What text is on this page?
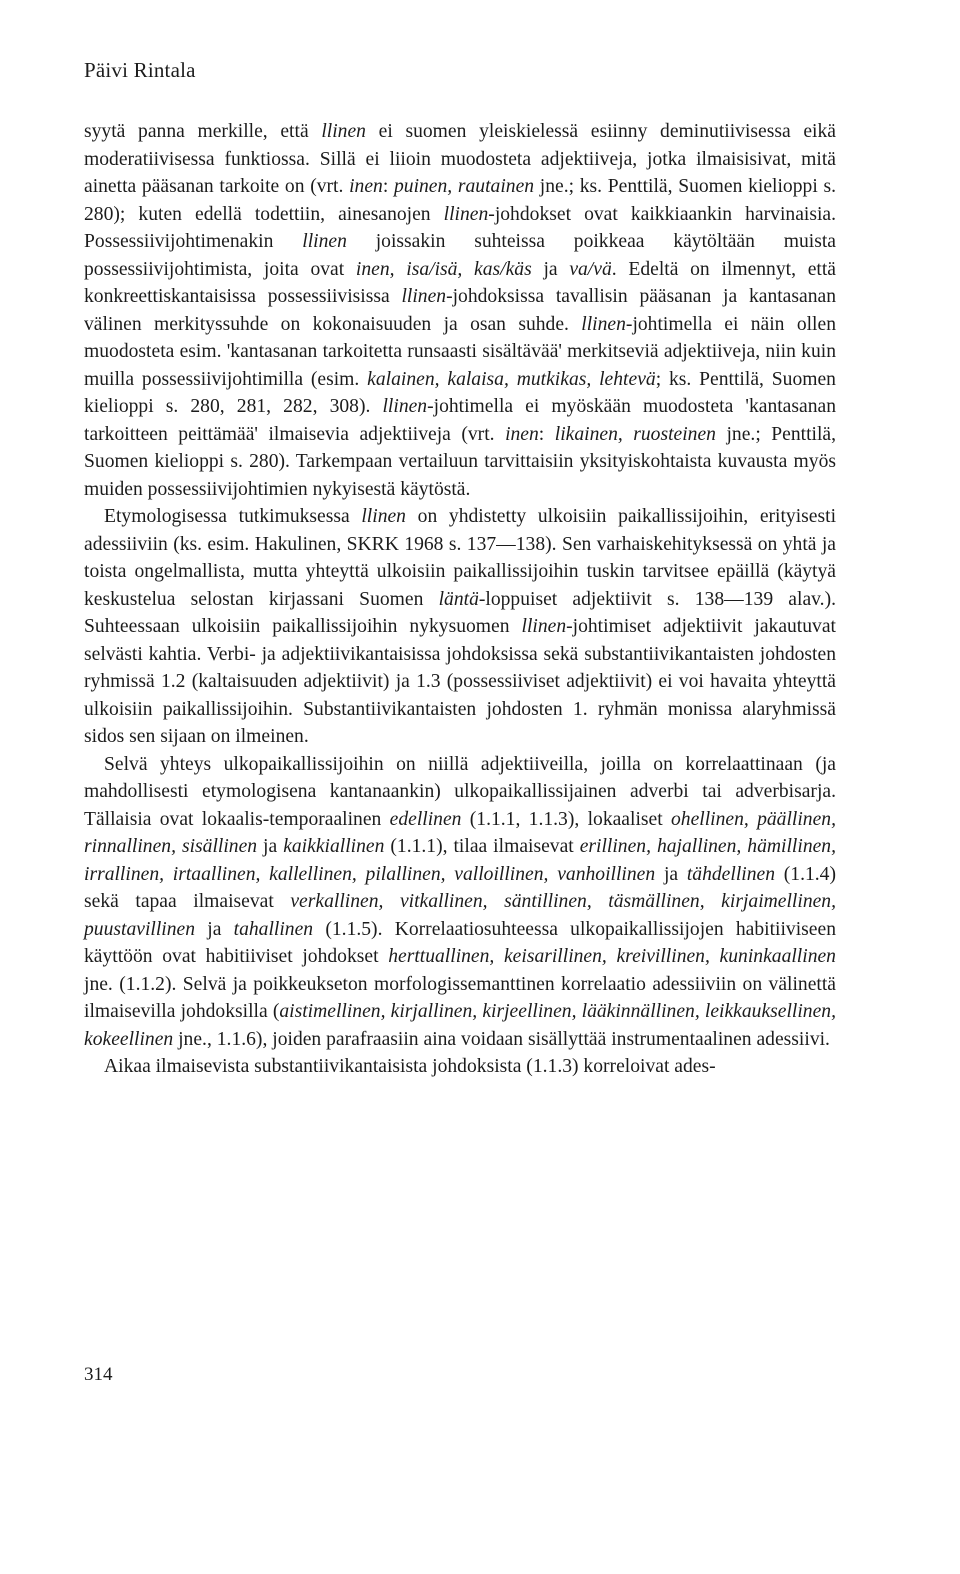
Päivi Rintala

syytä panna merkille, että llinen ei suomen yleiskielessä esiinny deminutiivisessa eikä moderatiivisessa funktiossa. Sillä ei liioin muodosteta adjektiiveja, jotka ilmaisisivat, mitä ainetta pääsanan tarkoite on (vrt. inen: puinen, rautainen jne.; ks. Penttilä, Suomen kielioppi s. 280); kuten edellä todettiin, ainesanojen llinen-johdokset ovat kaikkiaankin harvinaisia. Possessiivijohtimenakin llinen joissakin suhteissa poikkeaa käytöltään muista possessiivijohtimista, joita ovat inen, isa/isä, kas/käs ja va/vä. Edeltä on ilmennyt, että konkreettiskantaisissa possessiivisissa llinen-johdoksissa tavallisin pääsanan ja kantasanan välinen merkityssuhde on kokonaisuuden ja osan suhde. llinen-johtimella ei näin ollen muodosteta esim. 'kantasanan tarkoitetta runsaasti sisältävää' merkitseviä adjektiiveja, niin kuin muilla possessiivijohtimilla (esim. kalainen, kalaisa, mutkikas, lehtevä; ks. Penttilä, Suomen kielioppi s. 280, 281, 282, 308). llinen-johtimella ei myöskään muodosteta 'kantasanan tarkoitteen peittämää' ilmaisevia adjektiiveja (vrt. inen: likainen, ruosteinen jne.; Penttilä, Suomen kielioppi s. 280). Tarkempaan vertailuun tarvittaisiin yksityiskohtaista kuvausta myös muiden possessiivijohtimien nykyisestä käytöstä.

Etymologisessa tutkimuksessa llinen on yhdistetty ulkoisiin paikallissijoihin, erityisesti adessiiviin (ks. esim. Hakulinen, SKRK 1968 s. 137—138). Sen varhaiskehityksessä on yhtä ja toista ongelmallista, mutta yhteyttä ulkoisiin paikallissijoihin tuskin tarvitsee epäillä (käytyä keskustelua selostan kirjassani Suomen läntä-loppuiset adjektiivit s. 138—139 alav.). Suhteessaan ulkoisiin paikallissijoihin nykysuomen llinen-johtimiset adjektiivit jakautuvat selvästi kahtia. Verbi- ja adjektiivikantaisissa johdoksissa sekä substantiivikantaisten johdosten ryhmissä 1.2 (kaltaisuuden adjektiivit) ja 1.3 (possessiiviset adjektiivit) ei voi havaita yhteyttä ulkoisiin paikallissijoihin. Substantiivikantaisten johdosten 1. ryhmän monissa alaryhmissä sidos sen sijaan on ilmeinen.

Selvä yhteys ulkopaikallissijoihin on niillä adjektiiveilla, joilla on korrelaattinaan (ja mahdollisesti etymologisena kantanaankin) ulkopaikallissijainen adverbi tai adverbisarja. Tällaisia ovat lokaalis-temporaalinen edellinen (1.1.1, 1.1.3), lokaaliset ohellinen, päällinen, rinnallinen, sisällinen ja kaikkiallinen (1.1.1), tilaa ilmaisevat erillinen, hajallinen, hämillinen, irrallinen, irtaallinen, kallellinen, pilallinen, valloillinen, vanhoillinen ja tähdellinen (1.1.4) sekä tapaa ilmaisevat verkallinen, vitkallinen, säntillinen, täsmällinen, kirjaimellinen, puustavillinen ja tahallinen (1.1.5). Korrelaatiosuhteessa ulkopaikallissijojen habitiiviseen käyttöön ovat habitiiviset johdokset herttuallinen, keisarillinen, kreivillinen, kuninkaallinen jne. (1.1.2). Selvä ja poikkeukseton morfologissemanttinen korrelaatio adessiiviin on välinettä ilmaisevilla johdoksilla (aistimellinen, kirjallinen, kirjeellinen, lääkinnällinen, leikkauksellinen, kokeellinen jne., 1.1.6), joiden parafraasiin aina voidaan sisällyttää instrumentaalinen adessiivi.

Aikaa ilmaisevista substantiivikantaisista johdoksista (1.1.3) korreloivat ades-

314
